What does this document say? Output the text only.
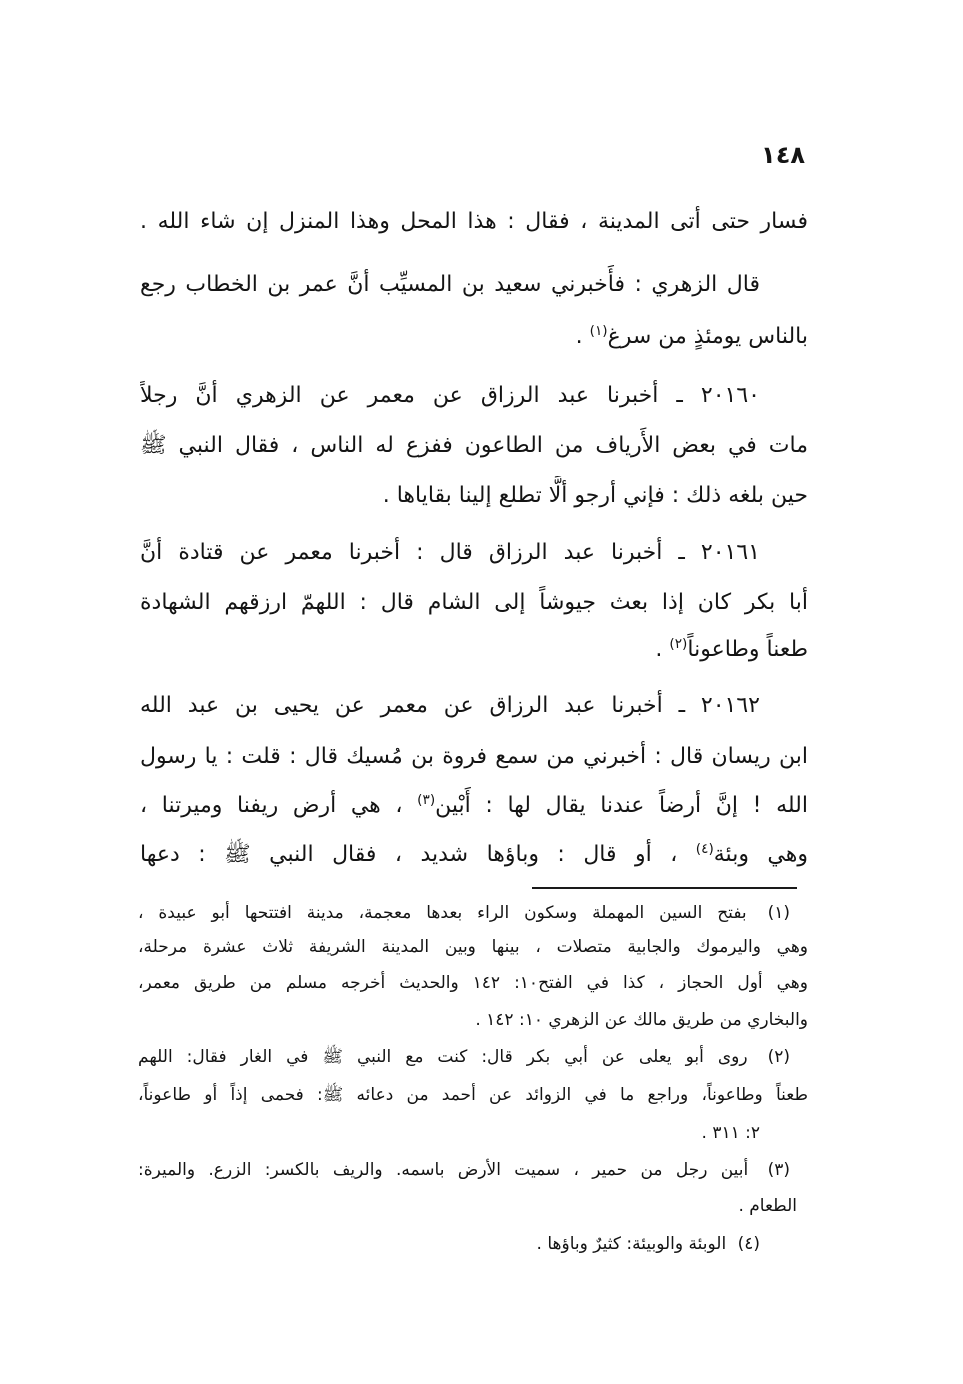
١٤٨
فسار حتى أتى المدينة ، فقال : هذا المحل وهذا المنزل إن شاء الله .
قال الزهري : فأَخبرني سعيد بن المسيِّب أنَّ عمر بن الخطاب رجع
بالناس يومئذٍ من سرغ$^{(١)}$ .
٢٠١٦٠ ـ أخبرنا عبد الرزاق عن معمر عن الزهري أنَّ رجلاً
مات في بعض الأَرياف من الطاعون ففزع له الناس ، فقال النبي ﷺ
حين بلغه ذلك : فإني أرجو ألَّا تطلع إلينا بقاياها .
٢٠١٦١ ـ أخبرنا عبد الرزاق قال : أخبرنا معمر عن قتادة أنَّ
أبا بكر كان إذا بعث جيوشاً إلى الشام قال : اللهمّ ارزقهم الشهادة
طعناً وطاعوناً$^{(٢)}$ .
٢٠١٦٢ ـ أخبرنا عبد الرزاق عن معمر عن يحيى بن عبد الله
ابن ريسان قال : أخبرني من سمع فروة بن مُسيك قال : قلت : يا رسول
الله ! إنَّ أرضاً عندنا يقال لها : أَبْين$^{(٣)}$ ، هي أرض ريفنا وميرتنا ،
وهي وبئة$^{(٤)}$ ، أو قال : وباؤها شديد ، فقال النبي ﷺ : دعها
(١) بفتح السين المهملة وسكون الراء بعدها معجمة، مدينة افتتحها أبو عبيدة ،
وهي واليرموك والجابية متصلات ، بينها وبين المدينة الشريفة ثلاث عشرة مرحلة،
وهي أول الحجاز ، كذا في الفتح١٠: ١٤٢ والحديث أخرجه مسلم من طريق معمر،
والبخاري من طريق مالك عن الزهري ١٠: ١٤٢ .
(٢) روى أبو يعلى عن أبي بكر قال: كنت مع النبي ﷺ في الغار فقال: اللهم
طعناً وطاعوناً، وراجع ما في الزوائد عن أحمد من دعائه ﷺ: فحمى إذاً أو طاعوناً،
٢: ٣١١ .
(٣) أبين رجل من حمير ، سميت الأرض باسمه. والريف بالكسر: الزرع. والميرة:
الطعام .
(٤) الوبئة والوبيئة: كثيرٌ وباؤها .
